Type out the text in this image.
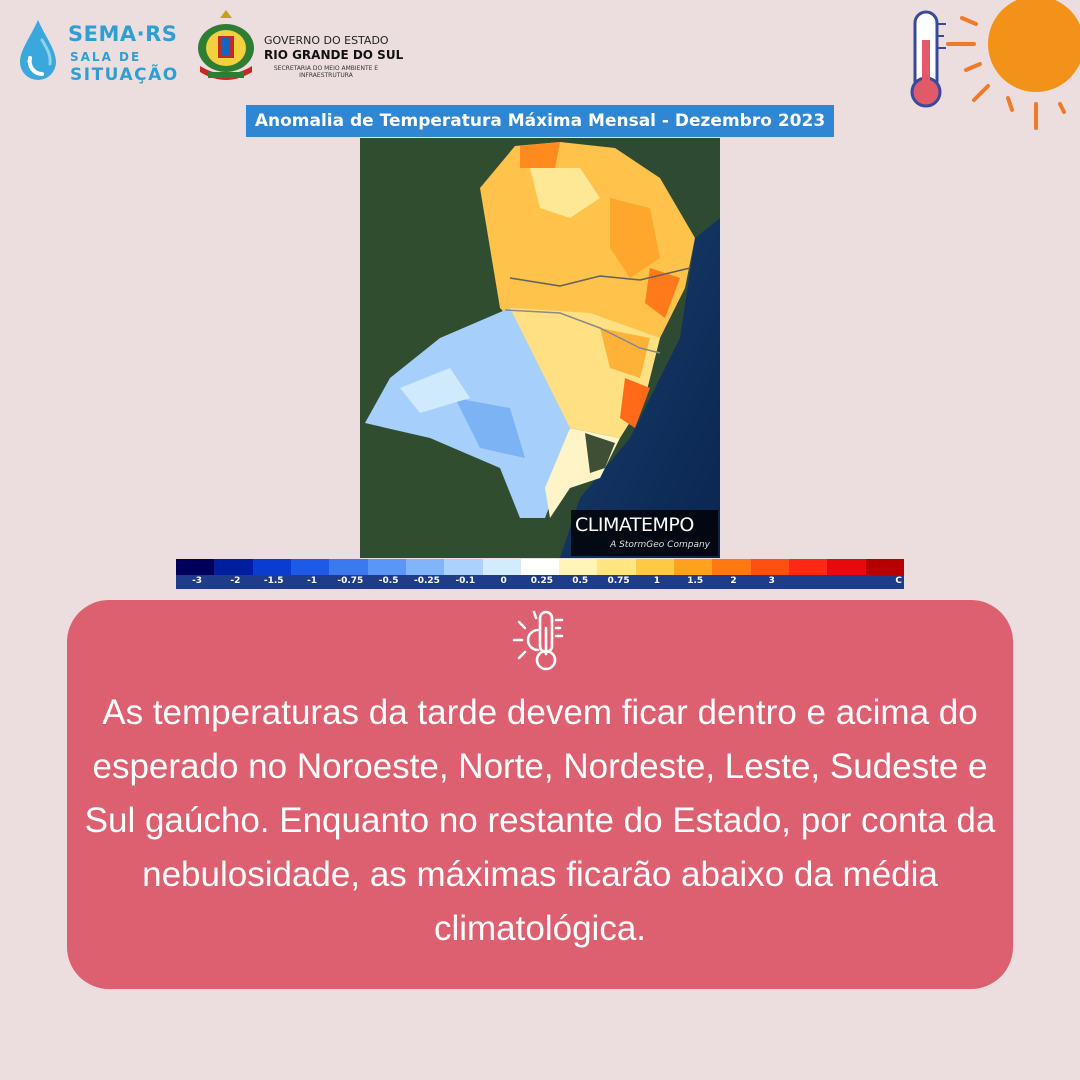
SEMA·RS
SALA DE
SITUAÇÃO
GOVERNO DO ESTADO
RIO GRANDE DO SUL
SECRETARIA DO MEIO AMBIENTE E INFRAESTRUTURA
Anomalia de Temperatura Máxima Mensal - Dezembro 2023
CLIMATEMPO
A StormGeo Company
C
-3	-2	-1.5	-1 -0.75 -0.5 -0.25 -0.1	0	0.25 0.5 0.75	1	1.5	2	3
As temperaturas da tarde devem ficar dentro e acima do esperado no Noroeste, Norte, Nordeste, Leste, Sudeste e Sul gaúcho. Enquanto no restante do Estado, por conta da nebulosidade, as máximas ficarão abaixo da média climatológica.
